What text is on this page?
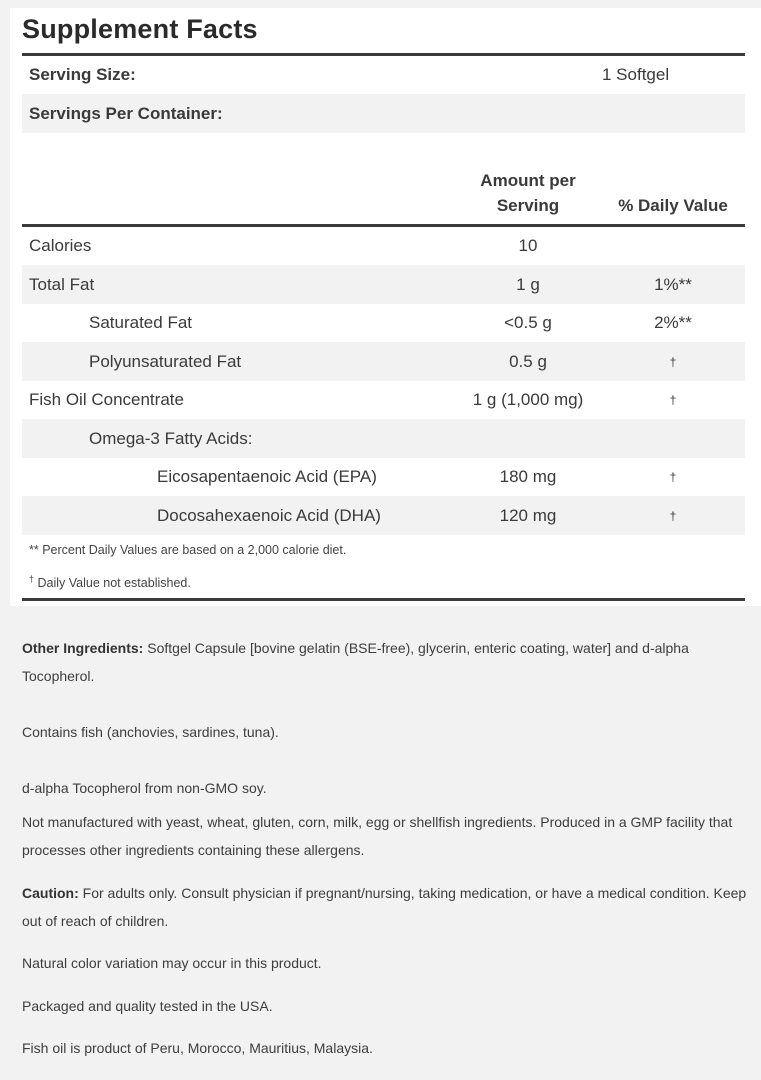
Supplement Facts
Serving Size:	1 Softgel
Servings Per Container:
Amount per
Serving	% Daily Value
Calories	10
Total Fat	1 g	1%**
Saturated Fat	<0.5 g	2%**
Polyunsaturated Fat	0.5 g	†
Fish Oil Concentrate	1 g (1,000 mg)	†
Omega-3 Fatty Acids:
Eicosapentaenoic Acid (EPA)	180 mg	†
Docosahexaenoic Acid (DHA)	120 mg	†
** Percent Daily Values are based on a 2,000 calorie diet.
† Daily Value not established.
Other Ingredients: Softgel Capsule [bovine gelatin (BSE-free), glycerin, enteric coating, water] and d-alpha Tocopherol.
Contains fish (anchovies, sardines, tuna).
d-alpha Tocopherol from non-GMO soy.
Not manufactured with yeast, wheat, gluten, corn, milk, egg or shellfish ingredients. Produced in a GMP facility that processes other ingredients containing these allergens.
Caution: For adults only. Consult physician if pregnant/nursing, taking medication, or have a medical condition. Keep out of reach of children.
Natural color variation may occur in this product.
Packaged and quality tested in the USA.
Fish oil is product of Peru, Morocco, Mauritius, Malaysia.
